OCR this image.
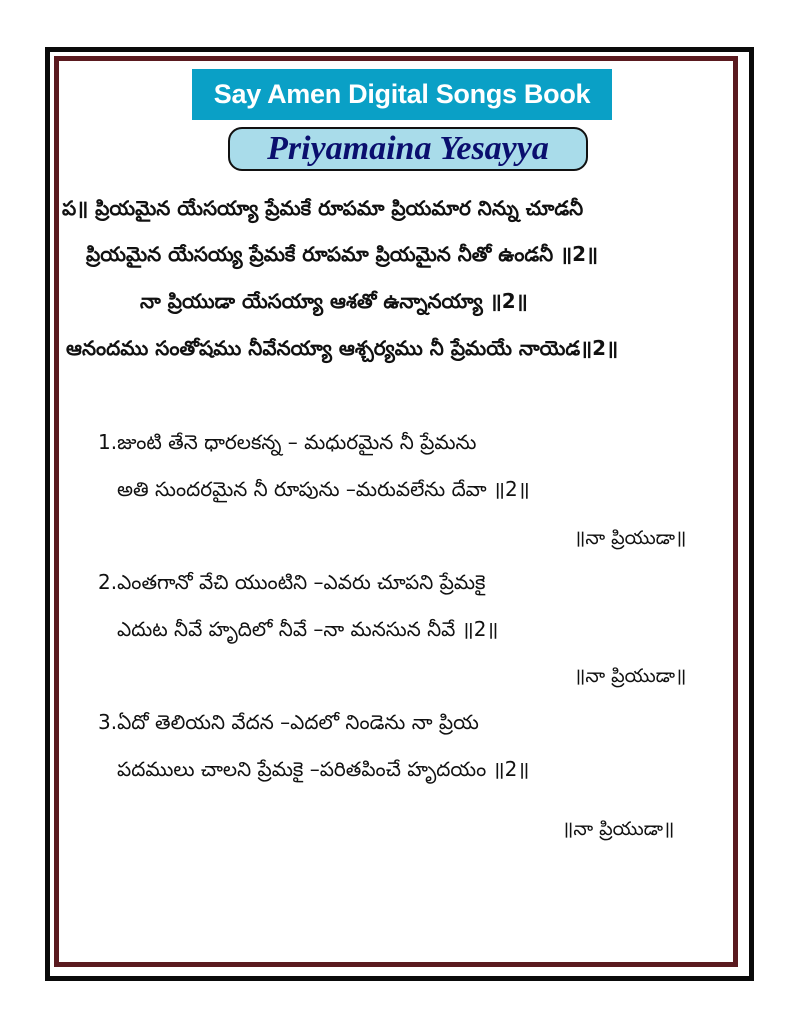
Say Amen Digital Songs Book
Priyamaina Yesayya
ప॥ ప్రియమైన యేసయ్యా ప్రేమకే రూపమా ప్రియమార నిన్ను చూడనీ
ప్రియమైన యేసయ్య ప్రేమకే రూపమా ప్రియమైన నీతో ఉండనీ ॥2॥
నా ప్రియుడా యేసయ్యా ఆశతో ఉన్నానయ్యా ॥2॥
ఆనందము సంతోషము నీవేనయ్యా ఆశ్చర్యము నీ ప్రేమయే నాయెడ॥2॥
1.జుంటి తేనె ధారలకన్న – మధురమైన నీ ప్రేమను
అతి సుందరమైన నీ రూపును –మరువలేను దేవా ॥2॥
॥నా ప్రియుడా॥
2.ఎంతగానో వేచి యుంటిని –ఎవరు చూపని ప్రేమకై
ఎదుట నీవే హృదిలో నీవే –నా మనసున నీవే ॥2॥
॥నా ప్రియుడా॥
3.ఏదో తెలియని వేదన –ఎదలో నిండెను నా ప్రియ
పదములు చాలని ప్రేమకై –పరితపించే హృదయం ॥2॥
॥నా ప్రియుడా॥
